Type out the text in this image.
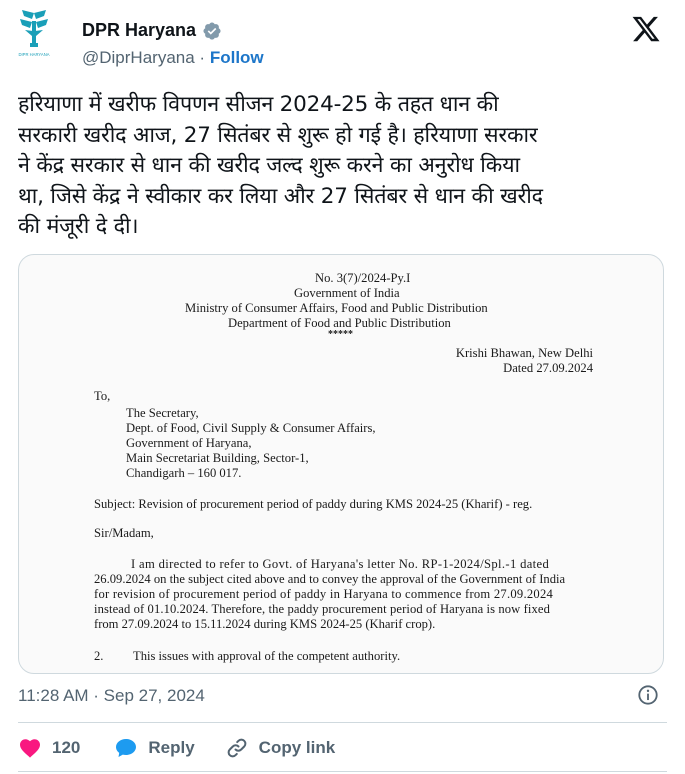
DIPR HARYANA
DPR Haryana
@DiprHaryana · Follow
हरियाणा में खरीफ विपणन सीजन 2024-25 के तहत धान की
सरकारी खरीद आज, 27 सितंबर से शुरू हो गई है। हरियाणा सरकार
ने केंद्र सरकार से धान की खरीद जल्द शुरू करने का अनुरोध किया
था, जिसे केंद्र ने स्वीकार कर लिया और 27 सितंबर से धान की खरीद
की मंजूरी दे दी।
No. 3(7)/2024-Py.I
Government of India
Ministry of Consumer Affairs, Food and Public Distribution
Department of Food and Public Distribution
*****
Krishi Bhawan, New Delhi
Dated 27.09.2024
To,
The Secretary,
Dept. of Food, Civil Supply & Consumer Affairs,
Government of Haryana,
Main Secretariat Building, Sector-1,
Chandigarh – 160 017.
Subject: Revision of procurement period of paddy during KMS 2024-25 (Kharif) - reg.
Sir/Madam,
I am directed to refer to Govt. of Haryana's letter No. RP-1-2024/Spl.-1 dated
26.09.2024 on the subject cited above and to convey the approval of the Government of India
for revision of procurement period of paddy in Haryana to commence from 27.09.2024
instead of 01.10.2024. Therefore, the paddy procurement period of Haryana is now fixed
from 27.09.2024 to 15.11.2024 during KMS 2024-25 (Kharif crop).
2. This issues with approval of the competent authority.
11:28 AM · Sep 27, 2024
120	Reply	Copy link
